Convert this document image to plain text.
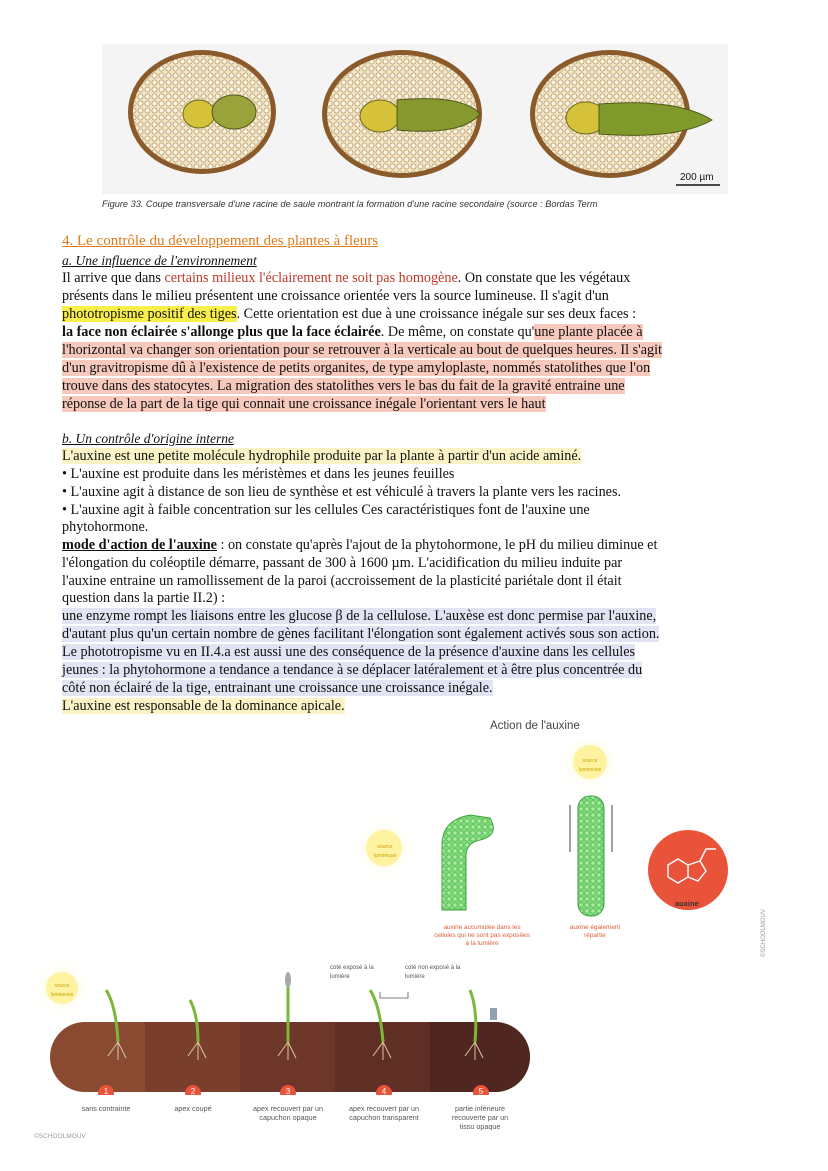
200 µm
Figure 33. Coupe transversale d'une racine de saule montrant la formation d'une racine secondaire (source : Bordas Term
4. Le contrôle du développement des plantes à fleurs
a. Une influence de l'environnement
Il arrive que dans certains milieux l'éclairement ne soit pas homogène. On constate que les végétaux
présents dans le milieu présentent une croissance orientée vers la source lumineuse. Il s'agit d'un
phototropisme positif des tiges. Cette orientation est due à une croissance inégale sur ses deux faces :
la face non éclairée s'allonge plus que la face éclairée. De même, on constate qu'une plante placée à
l'horizontal va changer son orientation pour se retrouver à la verticale au bout de quelques heures. Il s'agit
d'un gravitropisme dû à l'existence de petits organites, de type amyloplaste, nommés statolithes que l'on
trouve dans des statocytes. La migration des statolithes vers le bas du fait de la gravité entraine une
réponse de la part de la tige qui connait une croissance inégale l'orientant vers le haut
b. Un contrôle d'origine interne
L'auxine est une petite molécule hydrophile produite par la plante à partir d'un acide aminé.
• L'auxine est produite dans les méristèmes et dans les jeunes feuilles
• L'auxine agit à distance de son lieu de synthèse et est véhiculé à travers la plante vers les racines.
• L'auxine agit à faible concentration sur les cellules Ces caractéristiques font de l'auxine une
phytohormone.
mode d'action de l'auxine : on constate qu'après l'ajout de la phytohormone, le pH du milieu diminue et
l'élongation du coléoptile démarre, passant de 300 à 1600 µm. L'acidification du milieu induite par
l'auxine entraine un ramollissement de la paroi (accroissement de la plasticité pariétale dont il était
question dans la partie II.2) :
une enzyme rompt les liaisons entre les glucose β de la cellulose. L'auxèse est donc permise par l'auxine,
d'autant plus qu'un certain nombre de gènes facilitant l'élongation sont également activés sous son action.
Le phototropisme vu en II.4.a est aussi une des conséquence de la présence d'auxine dans les cellules
jeunes : la phytohormone a tendance a tendance à se déplacer latéralement et à être plus concentrée du
côté non éclairé de la tige, entrainant une croissance une croissance inégale.
L'auxine est responsable de la dominance apicale.
Action de l'auxine
source lumineuse
source lumineuse
auxine accumulée dans les cellules qui ne sont pas exposées à la lumière
auxine également répartie
auxine
©SCHOOLMOUV
source lumineuse
coté exposé à la lumière
coté non exposé à la lumière
1	2	3	4	5
sans contrainte	apex coupé	apex recouvert par un capuchon opaque
apex recouvert par un capuchon transparent
partie inférieure recouverte par un tissu opaque
©SCHOOLMOUV
